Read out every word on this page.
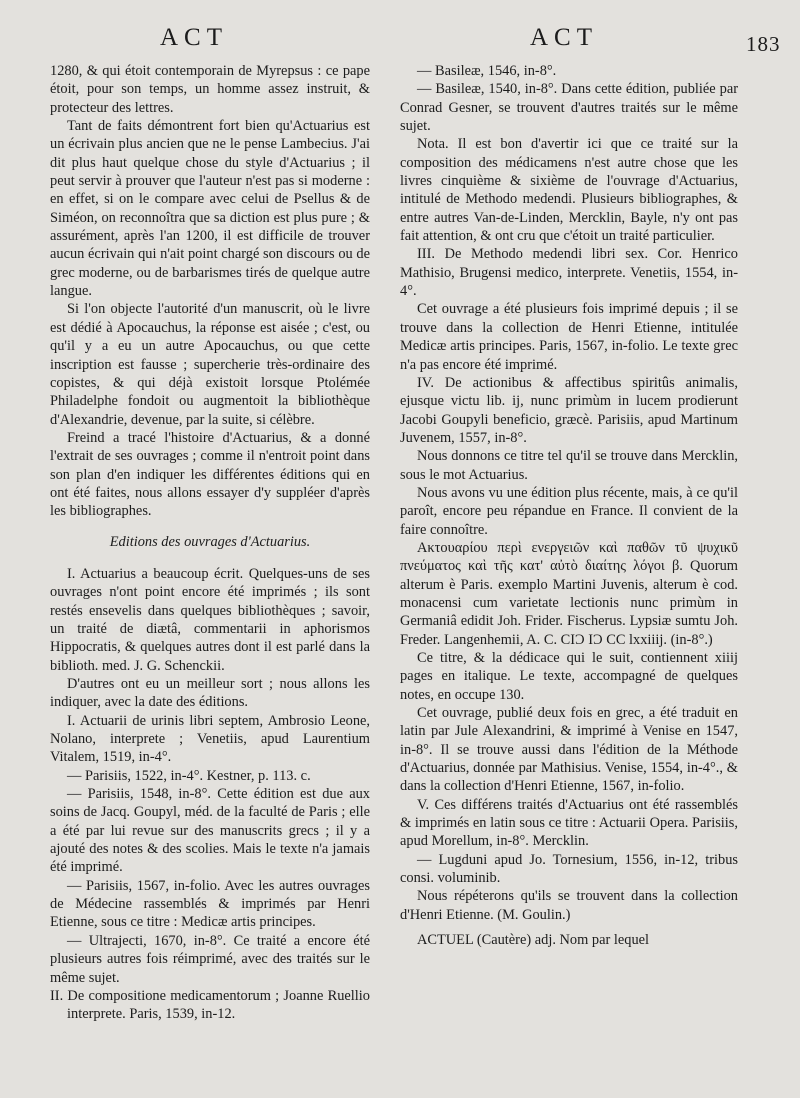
ACT	ACT	183

1280, & qui étoit contemporain de Myrepsus : ce pape étoit, pour son temps, un homme assez instruit, & protecteur des lettres.

Tant de faits démontrent fort bien qu'Actuarius est un écrivain plus ancien que ne le pense Lambecius. J'ai dit plus haut quelque chose du style d'Actuarius ; il peut servir à prouver que l'auteur n'est pas si moderne : en effet, si on le compare avec celui de Psellus & de Siméon, on reconnoîtra que sa diction est plus pure ; & assurément, après l'an 1200, il est difficile de trouver aucun écrivain qui n'ait point chargé son discours ou de grec moderne, ou de barbarismes tirés de quelque autre langue.

Si l'on objecte l'autorité d'un manuscrit, où le livre est dédié à Apocauchus, la réponse est aisée ; c'est, ou qu'il y a eu un autre Apocauchus, ou que cette inscription est fausse ; supercherie très-ordinaire des copistes, & qui déjà existoit lorsque Ptolémée Philadelphe fondoit ou augmentoit la bibliothèque d'Alexandrie, devenue, par la suite, si célèbre.

Freind a tracé l'histoire d'Actuarius, & a donné l'extrait de ses ouvrages ; comme il n'entroit point dans son plan d'en indiquer les différentes éditions qui en ont été faites, nous allons essayer d'y suppléer d'après les bibliographes.

Editions des ouvrages d'Actuarius.

I. Actuarius a beaucoup écrit. Quelques-uns de ses ouvrages n'ont point encore été imprimés ; ils sont restés ensevelis dans quelques bibliothèques ; savoir, un traité de diætâ, commentarii in aphorismos Hippocratis, & quelques autres dont il est parlé dans la biblioth. med. J. G. Schenckii.

D'autres ont eu un meilleur sort ; nous allons les indiquer, avec la date des éditions.

I. Actuarii de urinis libri septem, Ambrosio Leone, Nolano, interprete ; Venetiis, apud Laurentium Vitalem, 1519, in-4°.

— Parisiis, 1522, in-4°. Kestner, p. 113. c.

— Parisiis, 1548, in-8°. Cette édition est due aux soins de Jacq. Goupyl, méd. de la faculté de Paris ; elle a été par lui revue sur des manuscrits grecs ; il y a ajouté des notes & des scolies. Mais le texte n'a jamais été imprimé.

— Parisiis, 1567, in-folio. Avec les autres ouvrages de Médecine rassemblés & imprimés par Henri Etienne, sous ce titre : Medicæ artis principes.

— Ultrajecti, 1670, in-8°. Ce traité a encore été plusieurs autres fois réimprimé, avec des traités sur le même sujet.

II. De compositione medicamentorum ; Joanne Ruellio interprete. Paris, 1539, in-12.

— Basileæ, 1546, in-8°.

— Basileæ, 1540, in-8°. Dans cette édition, publiée par Conrad Gesner, se trouvent d'autres traités sur le même sujet.

Nota. Il est bon d'avertir ici que ce traité sur la composition des médicamens n'est autre chose que les livres cinquième & sixième de l'ouvrage d'Actuarius, intitulé de Methodo medendi. Plusieurs bibliographes, & entre autres Van-de-Linden, Mercklin, Bayle, n'y ont pas fait attention, & ont cru que c'étoit un traité particulier.

III. De Methodo medendi libri sex. Cor. Henrico Mathisio, Brugensi medico, interprete. Venetiis, 1554, in-4°.

Cet ouvrage a été plusieurs fois imprimé depuis ; il se trouve dans la collection de Henri Etienne, intitulée Medicæ artis principes. Paris, 1567, in-folio. Le texte grec n'a pas encore été imprimé.

IV. De actionibus & affectibus spiritûs animalis, ejusque victu lib. ij, nunc primùm in lucem prodierunt Jacobi Goupyli beneficio, græcè. Parisiis, apud Martinum Juvenem, 1557, in-8°.

Nous donnons ce titre tel qu'il se trouve dans Mercklin, sous le mot Actuarius.

Nous avons vu une édition plus récente, mais, à ce qu'il paroît, encore peu répandue en France. Il convient de la faire connoître.

Ακτουαρίου περὶ ενεργειῶν καὶ παθῶν τῦ ψυχικῦ πνεύματος καὶ τῆς κατ' αὐτὸ διαίτης λόγοι β. Quorum alterum è Paris. exemplo Martini Juvenis, alterum è cod. monacensi cum varietate lectionis nunc primùm in Germaniâ edidit Joh. Frider. Fischerus. Lypsiæ sumtu Joh. Freder. Langenhemii, A. C. CIƆ IƆ CC lxxiiij. (in-8°.)

Ce titre, & la dédicace qui le suit, contiennent xiiij pages en italique. Le texte, accompagné de quelques notes, en occupe 130.

Cet ouvrage, publié deux fois en grec, a été traduit en latin par Jule Alexandrini, & imprimé à Venise en 1547, in-8°. Il se trouve aussi dans l'édition de la Méthode d'Actuarius, donnée par Mathisius. Venise, 1554, in-4°., & dans la collection d'Henri Etienne, 1567, in-folio.

V. Ces différens traités d'Actuarius ont été rassemblés & imprimés en latin sous ce titre : Actuarii Opera. Parisiis, apud Morellum, in-8°. Mercklin.

— Lugduni apud Jo. Tornesium, 1556, in-12, tribus consi. voluminib.

Nous répéterons qu'ils se trouvent dans la collection d'Henri Etienne. (M. Goulin.)

ACTUEL (Cautère) adj. Nom par lequel
